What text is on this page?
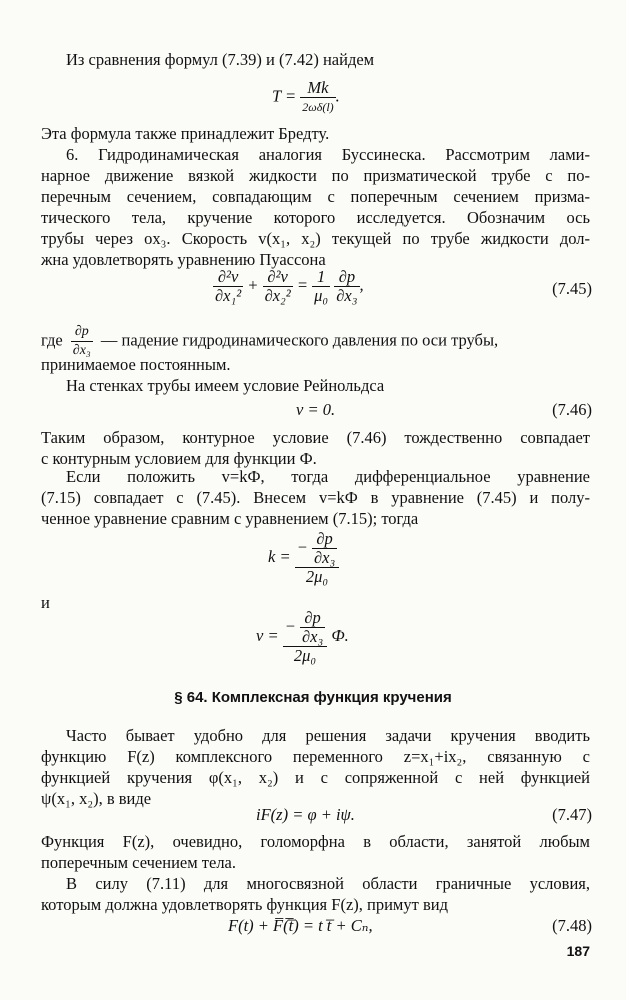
Из сравнения формул (7.39) и (7.42) найдем
$T = \frac{Mk}{2\omega\delta(l)}$ .
Эта формула также принадлежит Бредту.
6. Гидродинамическая аналогия Буссинеска. Рассмотрим лами-
нарное движение вязкой жидкости по призматической трубе с по-
перечным сечением, совпадающим с поперечным сечением призма-
тического тела, кручение которого исследуется. Обозначим ось
трубы через ox₃. Скорость v(x₁, x₂) текущей по трубе жидкости дол-
жна удовлетворять уравнению Пуассона
$\frac{\text{∂²v}}{\text{∂x₁²}} + \frac{\text{∂²v}}{\text{∂x₂²}} = \frac{1}{\text{μ₀}}$
$\frac{\partial p}{\text{∂x₃}}$ ,	(7.45)
где $\frac{\partial p}{\text{∂x₃}}$ — падение гидродинамического давления по оси трубы,
принимаемое постоянным.
На стенках трубы имеем условие Рейнольдса
v = 0.	(7.46)
Таким образом, контурное условие (7.46) тождественно совпадает
с контурным условием для функции Ф.
Если положить v=kФ, тогда дифференциальное уравнение
(7.15) совпадает с (7.45). Внесем v=kФ в уравнение (7.45) и полу-
ченное уравнение сравним с уравнением (7.15); тогда
$k = \frac{- \frac{\partial p}{\text{∂x₃}}}{\text{2μ₀}}$
и
$v = \frac{- \frac{\partial p}{\text{∂x₃}}}{\text{2μ₀}} Ф$.
§ 64. Комплексная функция кручения
Часто бывает удобно для решения задачи кручения вводить
функцию F(z) комплексного переменного z=x₁+ix₂, связанную с
функцией кручения φ(x₁, x₂) и с сопряженной с ней функцией
ψ(x₁, x₂), в виде
iF(z) = φ + iψ.	(7.47)
Функция F(z), очевидно, голоморфна в области, занятой любым
поперечным сечением тела.
В силу (7.11) для многосвязной области граничные условия,
которым должна удовлетворять функция F(z), примут вид
F(t) + F̅(̅t̅) = t t̅ + Cₙ,	(7.48)
187
